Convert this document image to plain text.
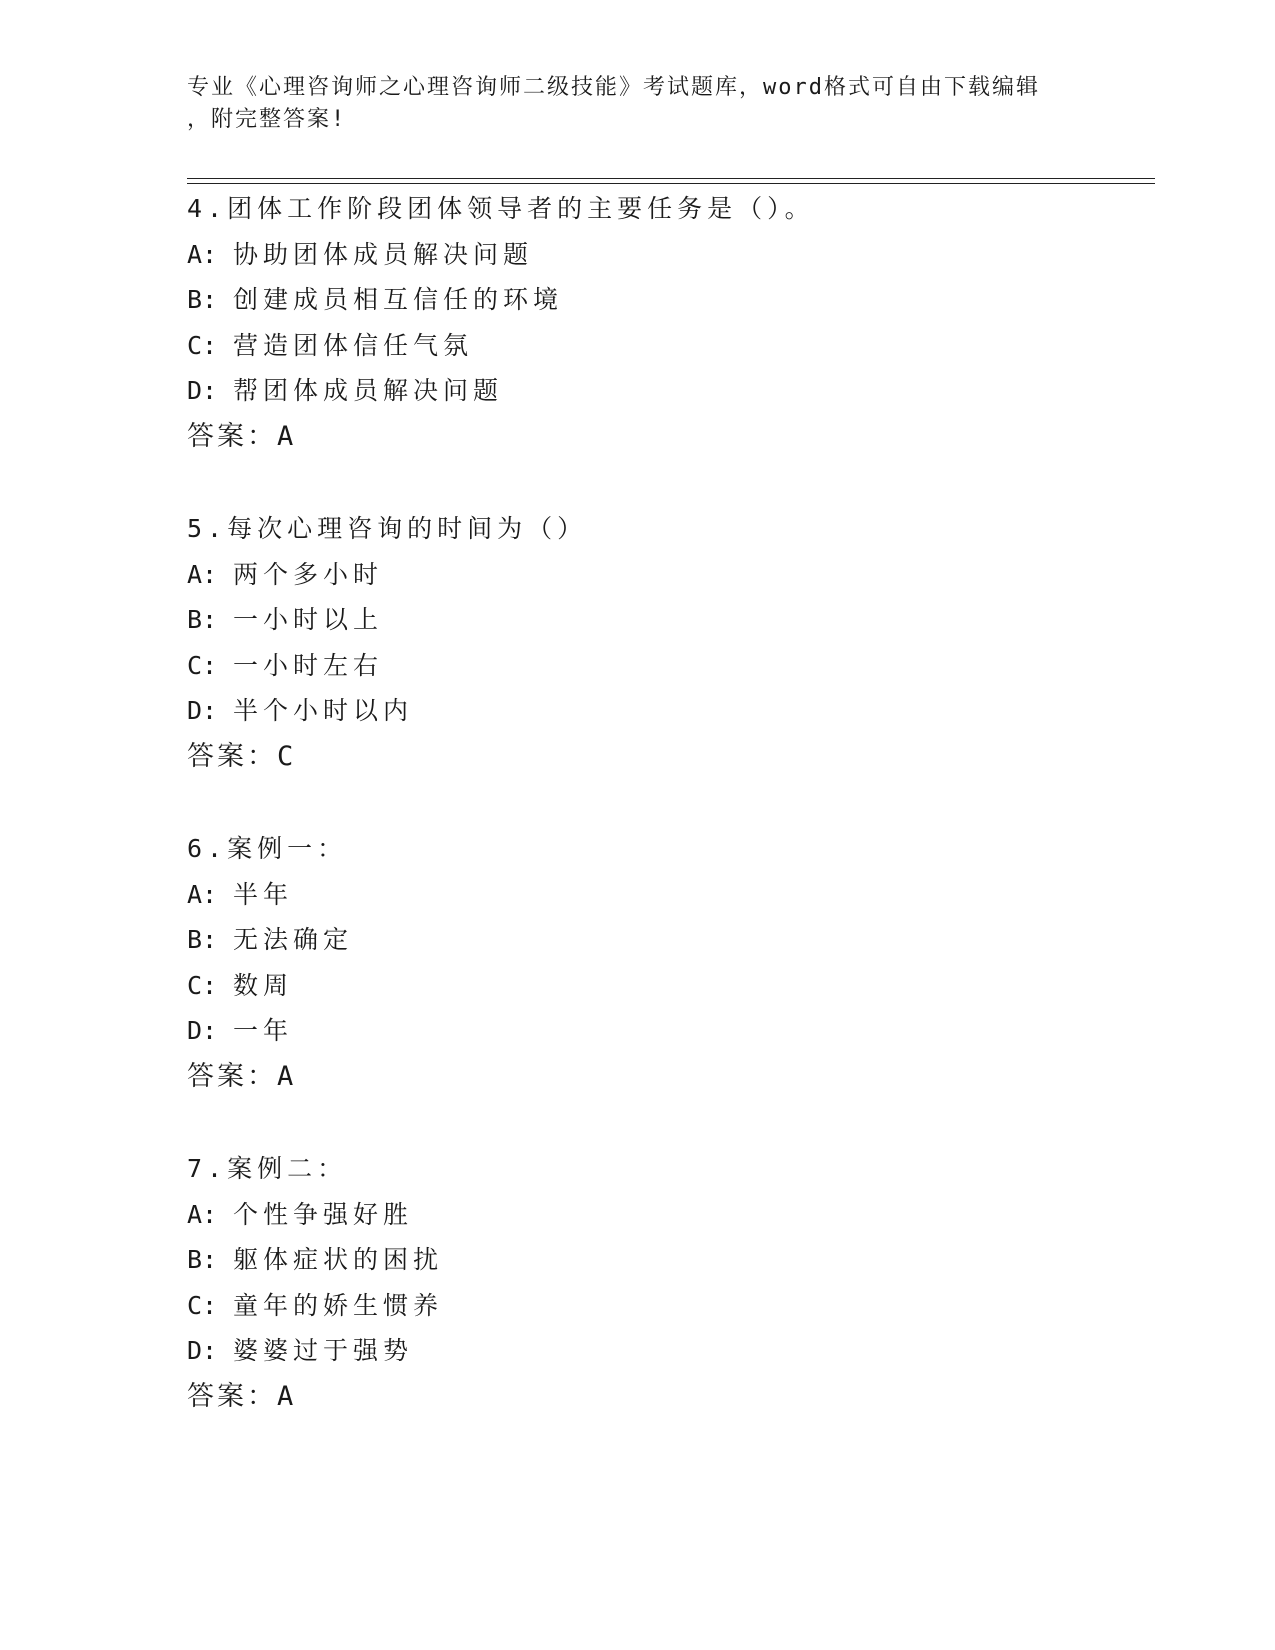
专业《心理咨询师之心理咨询师二级技能》考试题库，word格式可自由下载编辑
，附完整答案!
4.团体工作阶段团体领导者的主要任务是（）。
A: 协助团体成员解决问题
B: 创建成员相互信任的环境
C: 营造团体信任气氛
D: 帮团体成员解决问题
答案：A
5.每次心理咨询的时间为（）
A: 两个多小时
B: 一小时以上
C: 一小时左右
D: 半个小时以内
答案：C
6.案例一：
A: 半年
B: 无法确定
C: 数周
D: 一年
答案：A
7.案例二：
A: 个性争强好胜
B: 躯体症状的困扰
C: 童年的娇生惯养
D: 婆婆过于强势
答案：A
